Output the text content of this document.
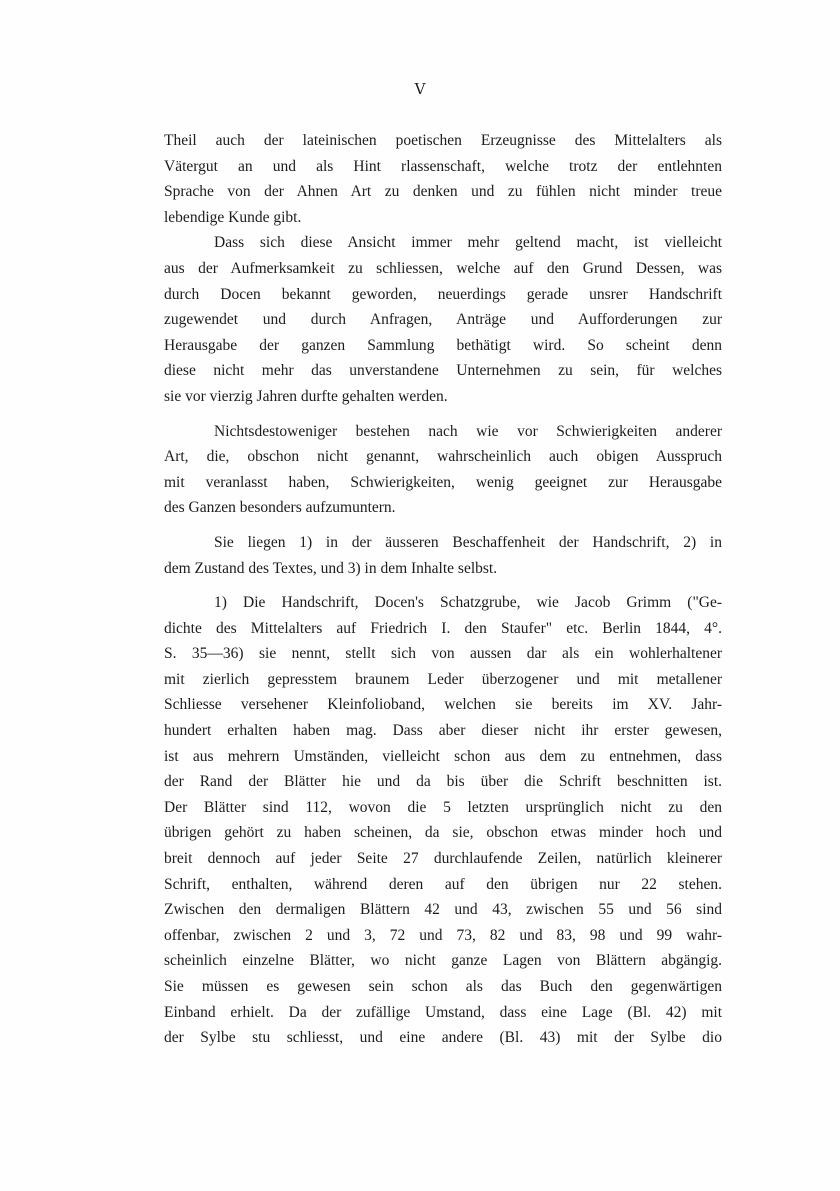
V
Theil auch der lateinischen poetischen Erzeugnisse des Mittelalters als
Vätergut an und als Hint rlassenschaft, welche trotz der entlehnten
Sprache von der Ahnen Art zu denken und zu fühlen nicht minder treue
lebendige Kunde gibt.
Dass sich diese Ansicht immer mehr geltend macht, ist vielleicht
aus der Aufmerksamkeit zu schliessen, welche auf den Grund Dessen, was
durch Docen bekannt geworden, neuerdings gerade unsrer Handschrift
zugewendet und durch Anfragen, Anträge und Aufforderungen zur
Herausgabe der ganzen Sammlung bethätigt wird. So scheint denn
diese nicht mehr das unverstandene Unternehmen zu sein, für welches
sie vor vierzig Jahren durfte gehalten werden.
Nichtsdestoweniger bestehen nach wie vor Schwierigkeiten anderer
Art, die, obschon nicht genannt, wahrscheinlich auch obigen Ausspruch
mit veranlasst haben, Schwierigkeiten, wenig geeignet zur Herausgabe
des Ganzen besonders aufzumuntern.
Sie liegen 1) in der äusseren Beschaffenheit der Handschrift, 2) in
dem Zustand des Textes, und 3) in dem Inhalte selbst.
1) Die Handschrift, Docen's Schatzgrube, wie Jacob Grimm ("Ge-
dichte des Mittelalters auf Friedrich I. den Staufer" etc. Berlin 1844, 4°.
S. 35—36) sie nennt, stellt sich von aussen dar als ein wohlerhaltener
mit zierlich gepresstem braunem Leder überzogener und mit metallener
Schliesse versehener Kleinfolioband, welchen sie bereits im XV. Jahr-
hundert erhalten haben mag. Dass aber dieser nicht ihr erster gewesen,
ist aus mehrern Umständen, vielleicht schon aus dem zu entnehmen, dass
der Rand der Blätter hie und da bis über die Schrift beschnitten ist.
Der Blätter sind 112, wovon die 5 letzten ursprünglich nicht zu den
übrigen gehört zu haben scheinen, da sie, obschon etwas minder hoch und
breit dennoch auf jeder Seite 27 durchlaufende Zeilen, natürlich kleinerer
Schrift, enthalten, während deren auf den übrigen nur 22 stehen.
Zwischen den dermaligen Blättern 42 und 43, zwischen 55 und 56 sind
offenbar, zwischen 2 und 3, 72 und 73, 82 und 83, 98 und 99 wahr-
scheinlich einzelne Blätter, wo nicht ganze Lagen von Blättern abgängig.
Sie müssen es gewesen sein schon als das Buch den gegenwärtigen
Einband erhielt. Da der zufällige Umstand, dass eine Lage (Bl. 42) mit
der Sylbe stu schliesst, und eine andere (Bl. 43) mit der Sylbe dio
